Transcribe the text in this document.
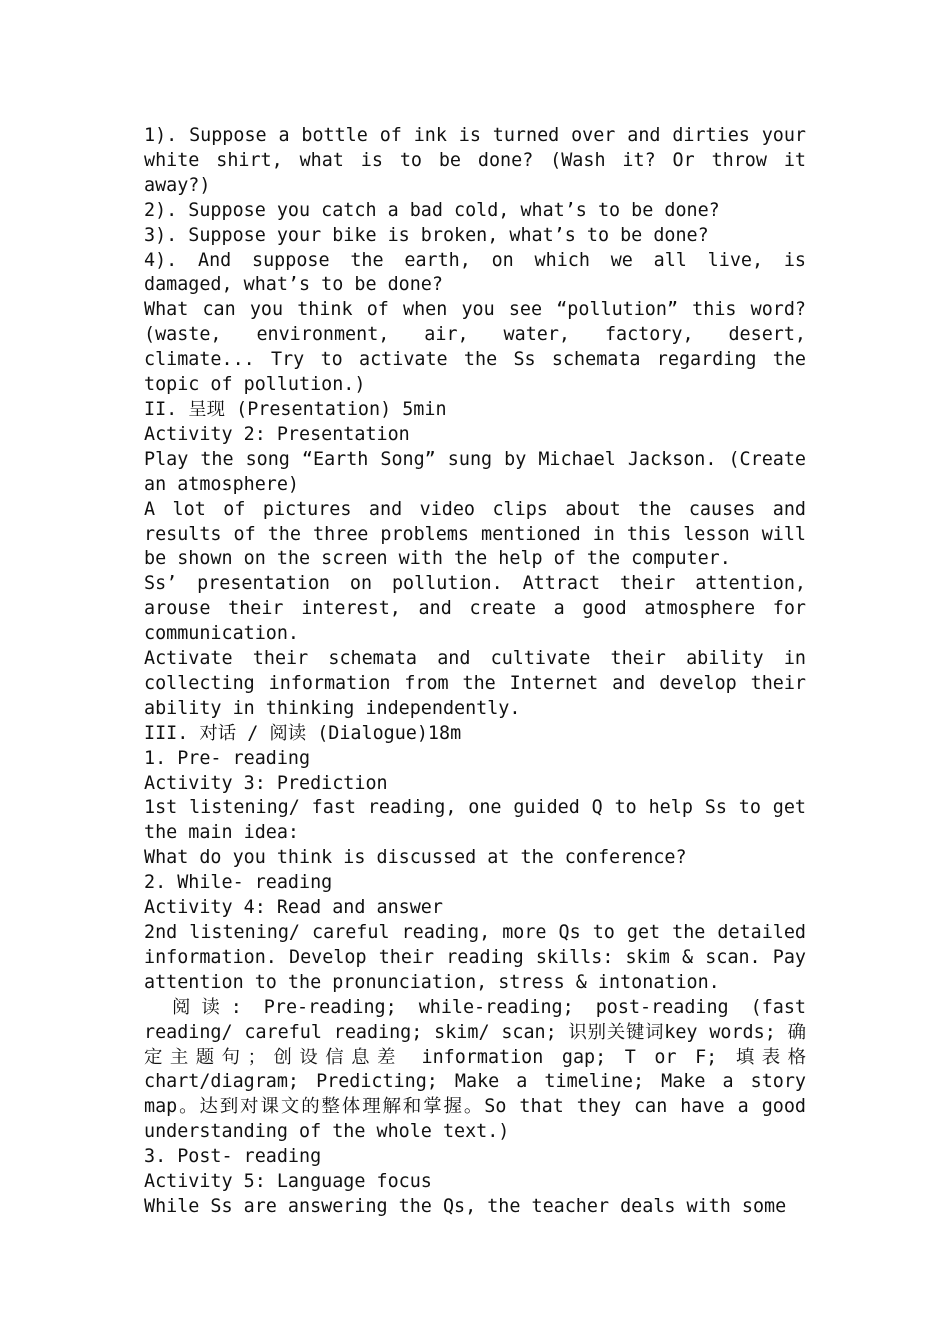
1). Suppose a bottle of ink is turned over and dirties your white shirt, what is to be done? (Wash it? Or throw it away?)

2). Suppose you catch a bad cold, what’s to be done?

3). Suppose your bike is broken, what’s to be done?

4). And suppose the earth, on which we all live, is damaged, what’s to be done?

What can you think of when you see “pollution” this word? (waste, environment, air, water, factory, desert, climate... Try to activate the Ss schemata regarding the topic of pollution.)

II. 呈现 (Presentation) 5min

Activity 2: Presentation

Play the song “Earth Song” sung by Michael Jackson. (Create an atmosphere)

A lot of pictures and video clips about the causes and results of the three problems mentioned in this lesson will be shown on the screen with the help of the computer.

Ss’ presentation on pollution. Attract their attention, arouse their interest, and create a good atmosphere for communication.

Activate their schemata and cultivate their ability in collecting information from the Internet and develop their ability in thinking independently.

III. 对话 / 阅读 (Dialogue)18m

1. Pre- reading

Activity 3: Prediction

1st listening/ fast reading, one guided Q to help Ss to get the main idea:

What do you think is discussed at the conference?

2. While- reading

Activity 4: Read and answer

2nd listening/ careful reading, more Qs to get the detailed information. Develop their reading skills: skim & scan. Pay attention to the pronunciation, stress & intonation.

阅读: Pre-reading; while-reading; post-reading (fast reading/ careful reading; skim/ scan; 识别关键词key words; 确定主题句；创设信息差 information gap; T or F; 填表格chart/diagram; Predicting; Make a timeline; Make a story map。达到对课文的整体理解和掌握。So that they can have a good understanding of the whole text.)

3. Post- reading

Activity 5: Language focus

While Ss are answering the Qs, the teacher deals with some
